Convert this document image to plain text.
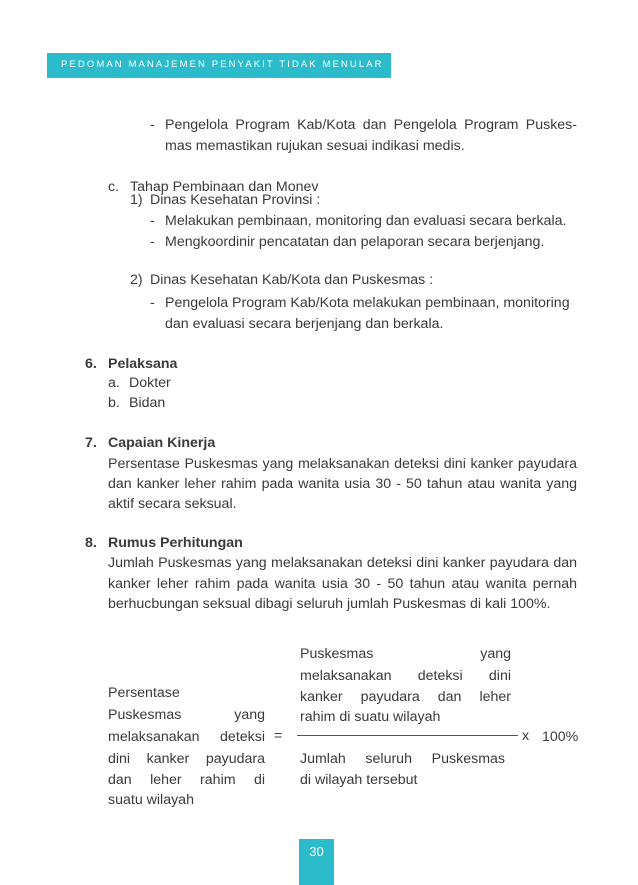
PEDOMAN MANAJEMEN PENYAKIT TIDAK MENULAR
- Pengelola Program Kab/Kota dan Pengelola Program Puskes-
mas memastikan rujukan sesuai indikasi medis.
c. Tahap Pembinaan dan Monev
1) Dinas Kesehatan Provinsi :
- Melakukan pembinaan, monitoring dan evaluasi secara berkala.
- Mengkoordinir pencatatan dan pelaporan secara berjenjang.
2) Dinas Kesehatan Kab/Kota dan Puskesmas :
- Pengelola Program Kab/Kota melakukan pembinaan, monitoring
dan evaluasi secara berjenjang dan berkala.
6. Pelaksana
a. Dokter
b. Bidan
7. Capaian Kinerja
Persentase Puskesmas yang melaksanakan deteksi dini kanker payudara
dan kanker leher rahim pada wanita usia 30 - 50 tahun atau wanita yang
aktif secara seksual.
8. Rumus Perhitungan
Jumlah Puskesmas yang melaksanakan deteksi dini kanker payudara dan
kanker leher rahim pada wanita usia 30 - 50 tahun atau wanita pernah
berhucbungan seksual dibagi seluruh jumlah Puskesmas di kali 100%.
Persentase
Puskesmas yang
melaksanakan deteksi
dini kanker payudara
dan leher rahim di
suatu wilayah
=
Puskesmas yang
melaksanakan deteksi dini
kanker payudara dan leher
rahim di suatu wilayah
Jumlah seluruh Puskesmas
di wilayah tersebut
x 100%
30
